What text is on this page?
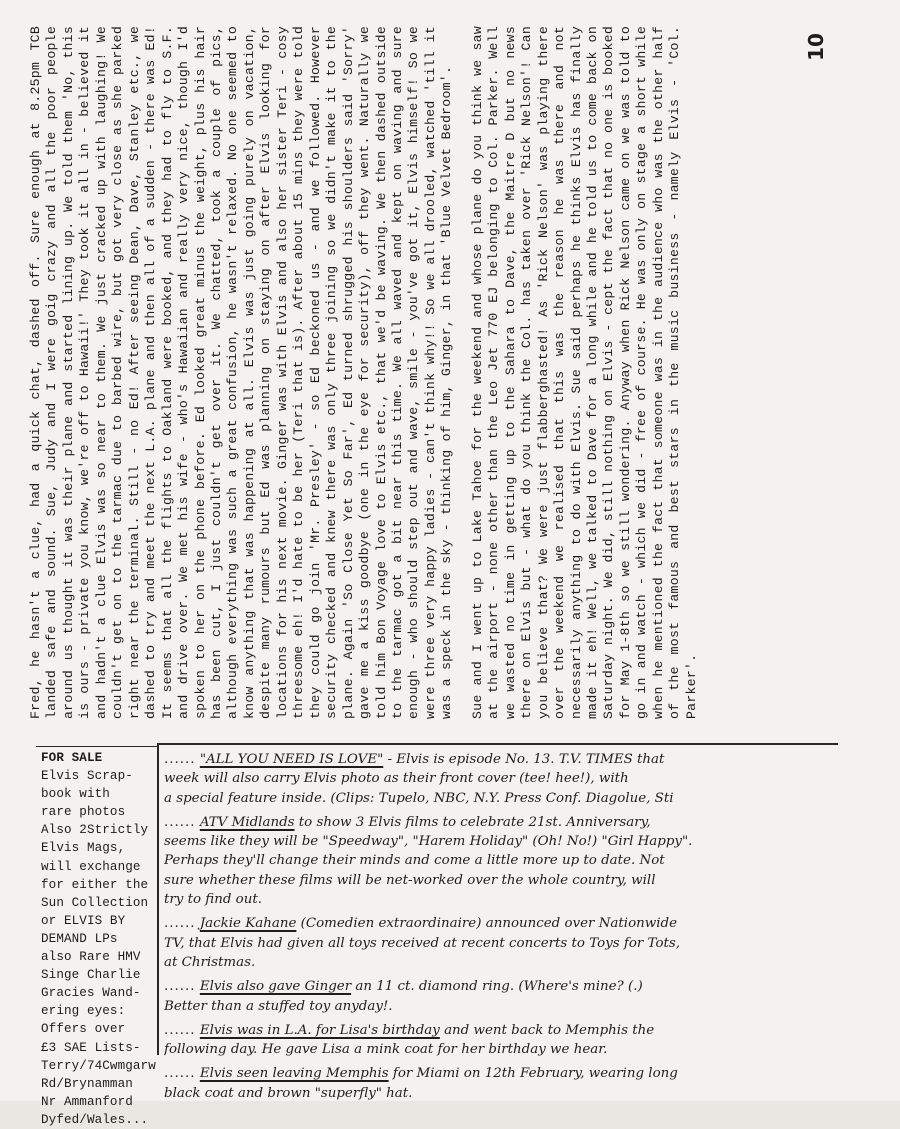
Fred, he hasn't a clue, had a quick chat, dashed off. Sure enough at 8.25pm TCB landed safe and sound. Sue, Judy and I were goig crazy and all the poor people around us thought it was their plane and started lining up. We told them 'No, this is ours - private you know, we're off to Hawaii!' They took it all in - believed it and hadn't a clue Elvis was so near to them. We just cracked up with laughing! We couldn't get on to the tarmac due to barbed wire, but got very close as she parked right near the terminal. Still - no Ed! After seeing Dean, Dave, Stanley etc., we dashed to try and meet the next L.A. plane and then all of a sudden - there was Ed! It seems that all the flights to Oakland were booked, and they had to fly to S.F. and drive over. We met his wife - who's Hawaiian and really very nice, though I'd spoken to her on the phone before. Ed looked great minus the weight, plus his hair has been cut, I just couldn't get over it. We chatted, took a couple of pics, although everything was such a great confusion, he wasn't relaxed. No one seemed to know anything that was happening at all. Elvis was just going purely on vacation, despite many rumours but Ed was planning on staying on after Elvis looking for locations for his next movie. Ginger was with Elvis and also her sister Teri - cosy threesome eh! I'd hate to be her (Teri that is). After about 15 mins they were told they could go join 'Mr. Presley' - so Ed beckoned us - and we followed. However security checked and knew there was only three joining so we didn't make it to the plane. Again 'So Close Yet So Far', Ed turned shrugged his shoulders said 'Sorry' gave me a kiss goodbye (one in the eye for security), off they went. Naturally we told him Bon Voyage love to Elvis etc., that we'd be waving. We then dashed outside to the tarmac got a bit near this time. We all waved and kept on waving and sure enough - who should step out and wave, smile - you've got it, Elvis himself! So we were three very happy ladies - can't think why!! So we all drooled, watched 'till it was a speck in the sky - thinking of him, Ginger, in that 'Blue Velvet Bedroom'. Sue and I went up to Lake Tahoe for the weekend and whose plane do you think we saw at the airport - none other than the Leo Jet 770 EJ belonging to Col. Parker. Well we wasted no time in getting up to the Sahara to Dave, the Maitre D but no news there on Elvis but - what do you think the Col. has taken over 'Rick Nelson'! Can you believe that? We were just flabberghasted! As 'Rick Nelson' was playing there over the weekend we realised that this was the reason he was there and not necessarily anything to do with Elvis. Sue said perhaps he thinks Elvis has finally made it eh! Well, we talked to Dave for a long while and he told us to come back on Saturday night. We did, still nothing on Elvis - cept the fact that no one is booked for May 1-8th so we still wondering. Anyway when Rick Nelson came on we was told to go in and watch - which we did - free of course. He was only on stage a short while when he mentioned the fact that someone was in the audience who was the other half of the most famous and best stars in the music business - namely Elvis - 'Col. Parker'.

10
FOR SALE
Elvis Scrap-
book with
rare photos
Also 2Strictly
Elvis Mags,
will exchange
for either the
Sun Collection
or ELVIS BY
DEMAND LPs
also Rare HMV
Singe Charlie
Gracies Wand-
ering eyes:
Offers over
£3 SAE Lists-
Terry/74Cwmgarw
Rd/Brynamman
Nr Ammanford
Dyfed/Wales...

...... "ALL YOU NEED IS LOVE" - Elvis is episode No. 13. T.V. TIMES that

week will also carry Elvis photo as their front cover (tee! hee!), with

a special feature inside. (Clips: Tupelo, NBC, N.Y. Press Conf. Diagolue, Sti

...... ATV Midlands to show 3 Elvis films to celebrate 21st. Anniversary,

seems like they will be "Speedway", "Harem Holiday" (Oh! No!) "Girl Happy".

Perhaps they'll change their minds and come a little more up to date. Not

sure whether these films will be net-worked over the whole country, will

try to find out.

...... Jackie Kahane (Comedien extraordinaire) announced over Nationwide

TV, that Elvis had given all toys received at recent concerts to Toys for Tots,

at Christmas.

...... Elvis also gave Ginger an 11 ct. diamond ring. (Where's mine? (.)

Better than a stuffed toy anyday!.

...... Elvis was in L.A. for Lisa's birthday and went back to Memphis the

following day. He gave Lisa a mink coat for her birthday we hear.

...... Elvis seen leaving Memphis for Miami on 12th February, wearing long

black coat and brown "superfly" hat.
